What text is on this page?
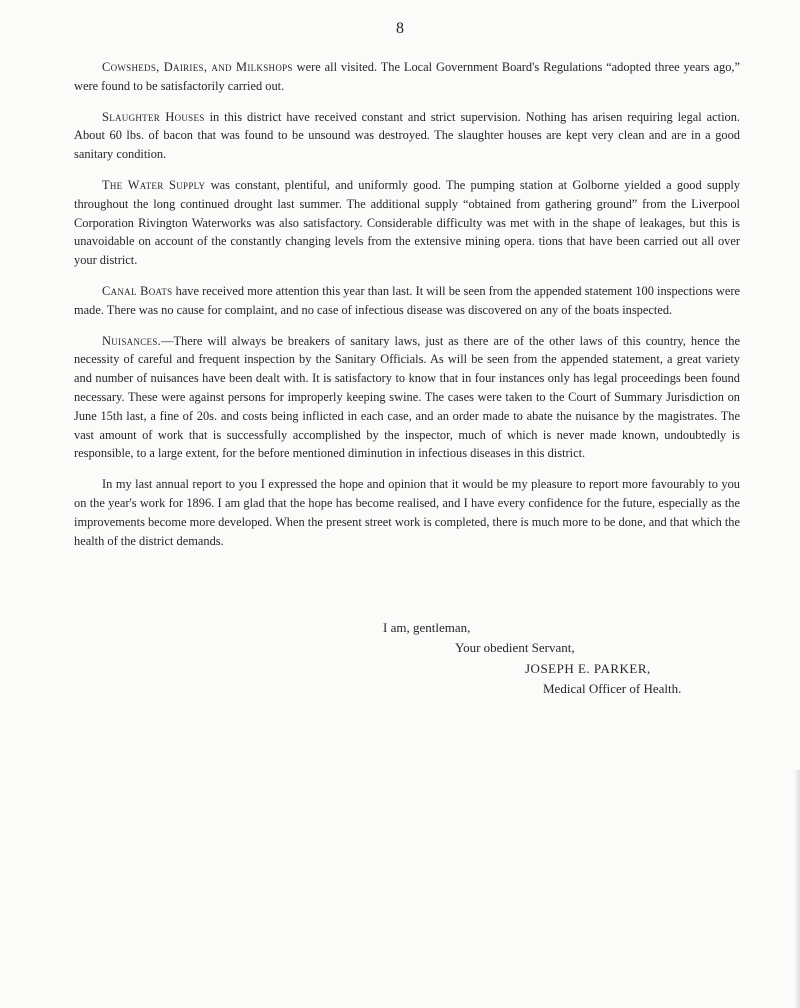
8

Cowsheds, Dairies, and Milkshops were all visited. The Local Government Board's Regulations “adopted three years ago,” were found to be satisfactorily carried out.

Slaughter Houses in this district have received constant and strict supervision. Nothing has arisen requiring legal action. About 60 lbs. of bacon that was found to be unsound was destroyed. The slaughter houses are kept very clean and are in a good sanitary condition.

The Water Supply was constant, plentiful, and uniformly good. The pumping station at Golborne yielded a good supply throughout the long continued drought last summer. The additional supply “obtained from gathering ground” from the Liverpool Corporation Rivington Waterworks was also satisfactory. Considerable difficulty was met with in the shape of leakages, but this is unavoidable on account of the constantly changing levels from the extensive mining opera. tions that have been carried out all over your district.

Canal Boats have received more attention this year than last. It will be seen from the appended statement 100 inspections were made. There was no cause for complaint, and no case of infectious disease was discovered on any of the boats inspected.

Nuisances.—There will always be breakers of sanitary laws, just as there are of the other laws of this country, hence the necessity of careful and frequent inspection by the Sanitary Officials. As will be seen from the appended statement, a great variety and number of nuisances have been dealt with. It is satisfactory to know that in four instances only has legal proceedings been found necessary. These were against persons for improperly keeping swine. The cases were taken to the Court of Summary Jurisdiction on June 15th last, a fine of 20s. and costs being inflicted in each case, and an order made to abate the nuisance by the magistrates. The vast amount of work that is successfully accomplished by the inspector, much of which is never made known, undoubtedly is responsible, to a large extent, for the before mentioned diminution in infectious diseases in this district.

In my last annual report to you I expressed the hope and opinion that it would be my pleasure to report more favourably to you on the year's work for 1896. I am glad that the hope has become realised, and I have every confidence for the future, especially as the improvements become more developed. When the present street work is completed, there is much more to be done, and that which the health of the district demands.

I am, gentleman,
Your obedient Servant,
JOSEPH E. PARKER,
Medical Officer of Health.
